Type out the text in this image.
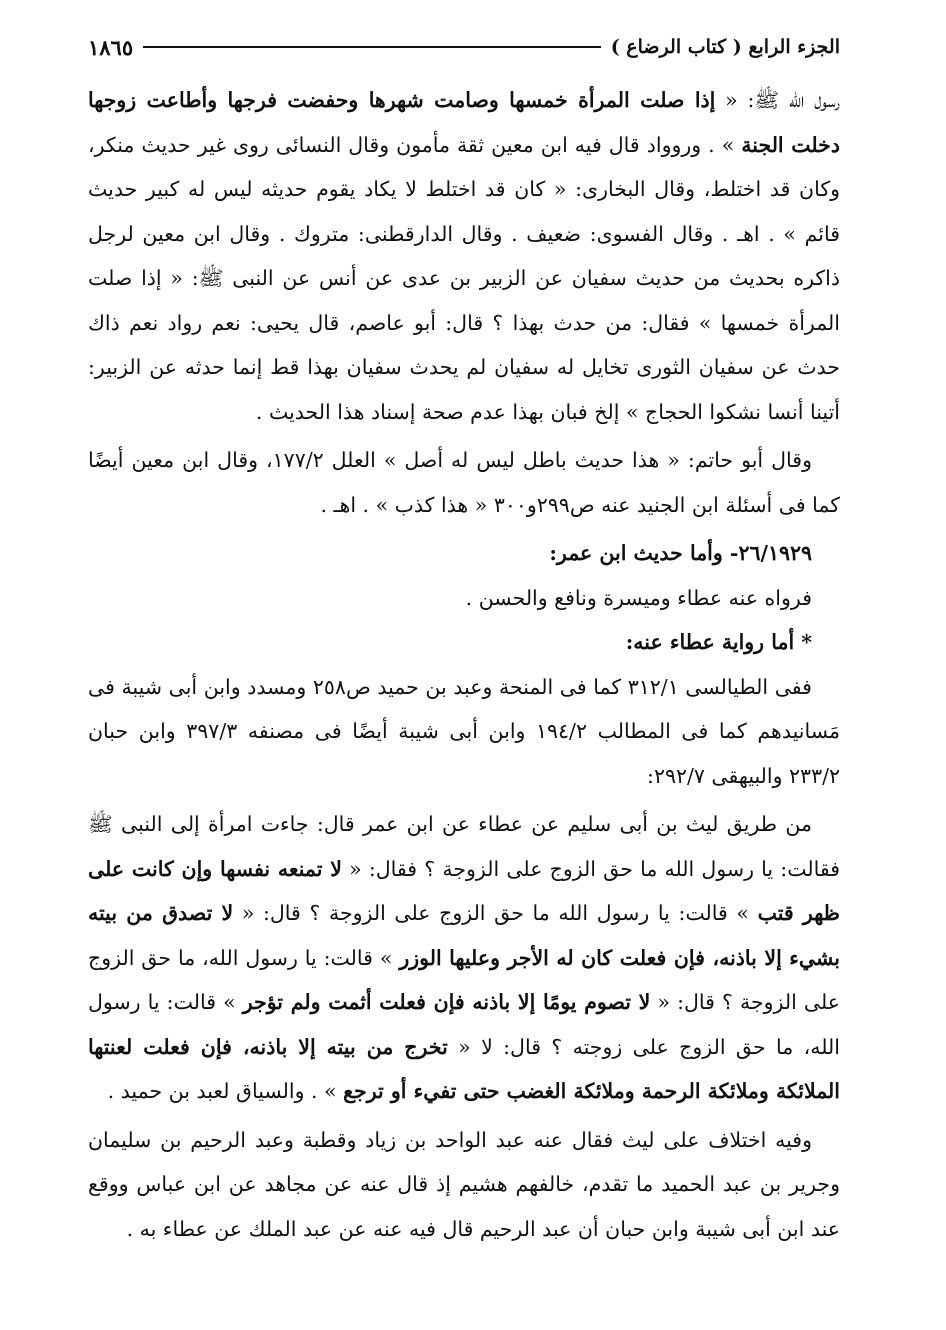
الجزء الرابع ( كتاب الرضاع )
١٨٦٥

رسول الله ﷺ: « إذا صلت المرأة خمسها وصامت شهرها وحفضت فرجها وأطاعت زوجها دخلت الجنة » . وروواد قال فيه ابن معين ثقة مأمون وقال النسائى روى غير حديث منكر، وكان قد اختلط، وقال البخارى: « كان قد اختلط لا يكاد يقوم حديثه ليس له كبير حديث قائم » . اهـ . وقال الفسوى: ضعيف . وقال الدارقطنى: متروك . وقال ابن معين لرجل ذاكره بحديث من حديث سفيان عن الزبير بن عدى عن أنس عن النبى ﷺ: « إذا صلت المرأة خمسها » فقال: من حدث بهذا ؟ قال: أبو عاصم، قال يحيى: نعم رواد نعم ذاك حدث عن سفيان الثورى تخايل له سفيان لم يحدث سفيان بهذا قط إنما حدثه عن الزبير: أتينا أنسا نشكوا الحجاج » إلخ فبان بهذا عدم صحة إسناد هذا الحديث .

وقال أبو حاتم: « هذا حديث باطل ليس له أصل » العلل ١٧٧/٢، وقال ابن معين أيضًا كما فى أسئلة ابن الجنيد عنه ص٢٩٩و٣٠٠ « هذا كذب » . اهـ .

٢٦/١٩٢٩- وأما حديث ابن عمر:

فرواه عنه عطاء وميسرة ونافع والحسن .

* أما رواية عطاء عنه:

ففى الطيالسى ٣١٢/١ كما فى المنحة وعبد بن حميد ص٢٥٨ ومسدد وابن أبى شيبة فى مَسانيدهم كما فى المطالب ١٩٤/٢ وابن أبى شيبة أيضًا فى مصنفه ٣٩٧/٣ وابن حبان ٢٣٣/٢ والبيهقى ٢٩٢/٧:

من طريق ليث بن أبى سليم عن عطاء عن ابن عمر قال: جاءت امرأة إلى النبى ﷺ فقالت: يا رسول الله ما حق الزوج على الزوجة ؟ فقال: « لا تمنعه نفسها وإن كانت على ظهر قتب » قالت: يا رسول الله ما حق الزوج على الزوجة ؟ قال: « لا تصدق من بيته بشيء إلا باذنه، فإن فعلت كان له الأجر وعليها الوزر » قالت: يا رسول الله، ما حق الزوج على الزوجة ؟ قال: « لا تصوم يومًا إلا باذنه فإن فعلت أثمت ولم تؤجر » قالت: يا رسول الله، ما حق الزوج على زوجته ؟ قال: لا « تخرج من بيته إلا باذنه، فإن فعلت لعنتها الملائكة وملائكة الرحمة وملائكة الغضب حتى تفيء أو ترجع » . والسياق لعبد بن حميد .

وفيه اختلاف على ليث فقال عنه عبد الواحد بن زياد وقطبة وعبد الرحيم بن سليمان وجرير بن عبد الحميد ما تقدم، خالفهم هشيم إذ قال عنه عن مجاهد عن ابن عباس ووقع عند ابن أبى شيبة وابن حبان أن عبد الرحيم قال فيه عنه عن عبد الملك عن عطاء به .
